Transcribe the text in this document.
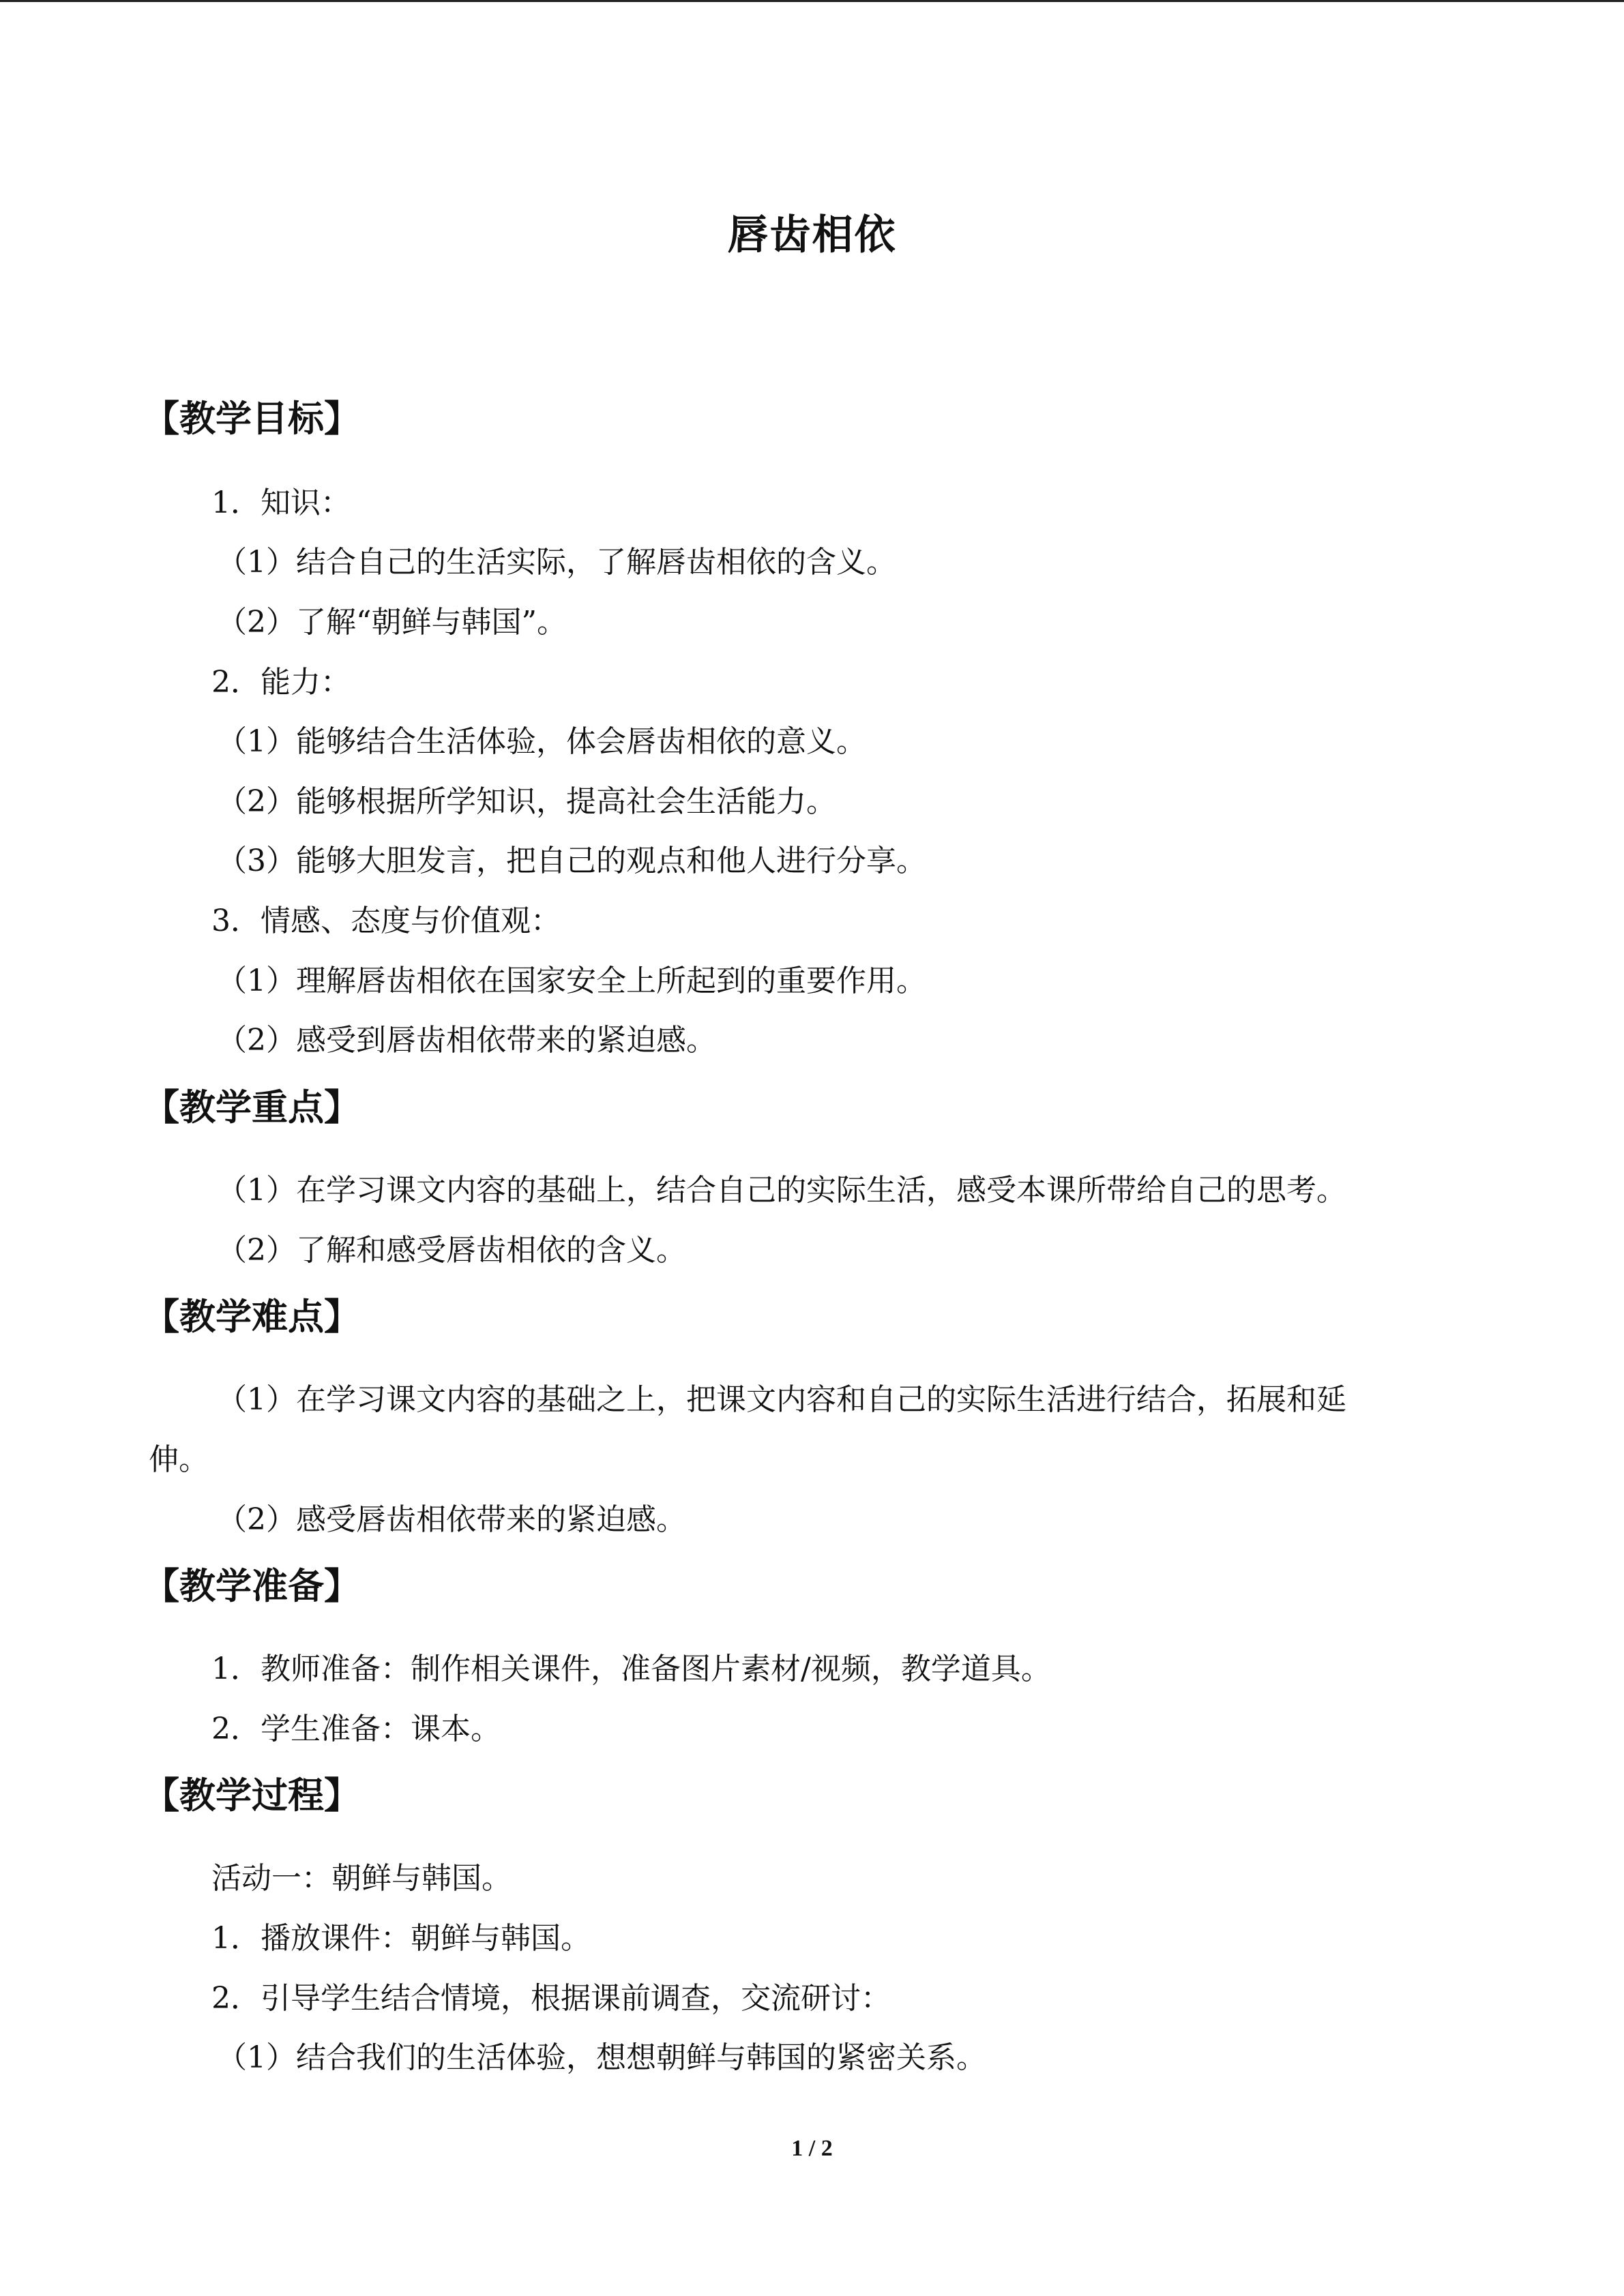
唇齿相依
【教学目标】
1．知识：
（1）结合自己的生活实际，了解唇齿相依的含义。
（2）了解“朝鲜与韩国”。
2．能力：
（1）能够结合生活体验，体会唇齿相依的意义。
（2）能够根据所学知识，提高社会生活能力。
（3）能够大胆发言，把自己的观点和他人进行分享。
3．情感、态度与价值观：
（1）理解唇齿相依在国家安全上所起到的重要作用。
（2）感受到唇齿相依带来的紧迫感。
【教学重点】
（1）在学习课文内容的基础上，结合自己的实际生活，感受本课所带给自己的思考。
（2）了解和感受唇齿相依的含义。
【教学难点】
（1）在学习课文内容的基础之上，把课文内容和自己的实际生活进行结合，拓展和延
伸。
（2）感受唇齿相依带来的紧迫感。
【教学准备】
1．教师准备：制作相关课件，准备图片素材/视频，教学道具。
2．学生准备：课本。
【教学过程】
活动一：朝鲜与韩国。
1．播放课件：朝鲜与韩国。
2．引导学生结合情境，根据课前调查，交流研讨：
（1）结合我们的生活体验，想想朝鲜与韩国的紧密关系。
1 / 2
